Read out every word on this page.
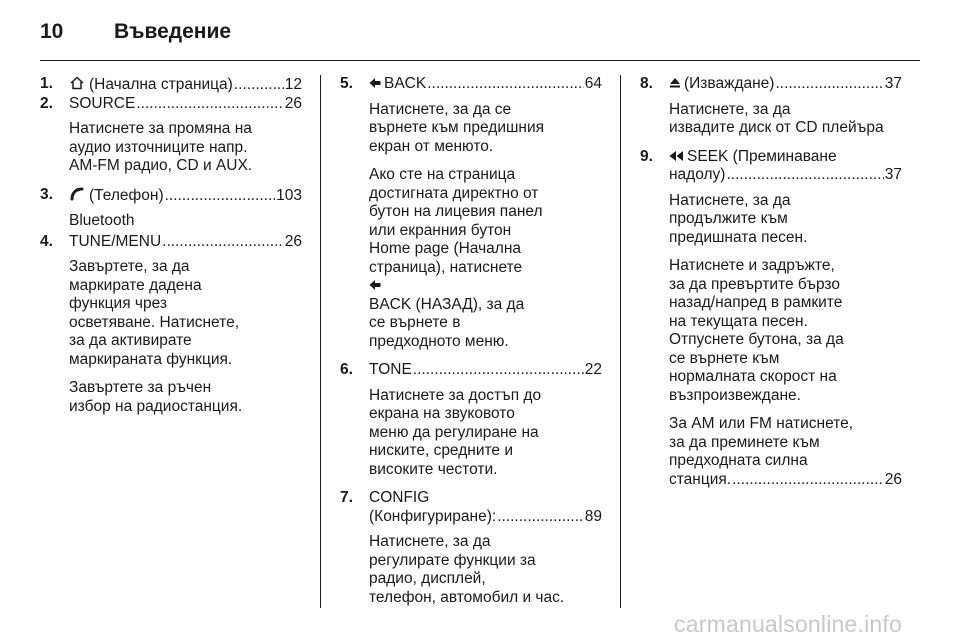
10 Въведение
1.	(Начална страница) .....	12
2. SOURCE .....	26

Натиснете за промяна на
аудио източниците напр.
AM-FM радио, CD и AUX.

3.	(Телефон) .....	103

Bluetooth

4. TUNE/MENU .....	26

Завъртете, за да
маркирате дадена
функция чрез
осветяване. Натиснете,
за да активирате
маркираната функция.

Завъртете за ръчен
избор на радиостанция.

5.	BACK .....	64

Натиснете, за да се
върнете към предишния
екран от менюто.

Ако сте на страница
достигната директно от
бутон на лицевия панел
или екранния бутон
Home page (Начална
страница), натиснете
BACK (НАЗАД), за да
се върнете в
предходното меню.

6. TONE .....	22

Натиснете за достъп до
екрана на звуковото
меню да регулиране на
ниските, средните и
високите честоти.

7. CONFIG
(Конфигуриране): .....	89

Натиснете, за да
регулирате функции за
радио, дисплей,
телефон, автомобил и час.

8.	(Изваждане) .....	37

Натиснете, за да
извадите диск от CD плейъра

9.	SEEK (Преминаване
надолу) .....	37

Натиснете, за да
продължите към
предишната песен.

Натиснете и задръжте,
за да превъртите бързо
назад/напред в рамките
на текущата песен.
Отпуснете бутона, за да
се върнете към
нормалната скорост на
възпроизвеждане.

За AM или FM натиснете,
за да преминете към
предходната силна

станция. .....	26
carmanualsonline.info
